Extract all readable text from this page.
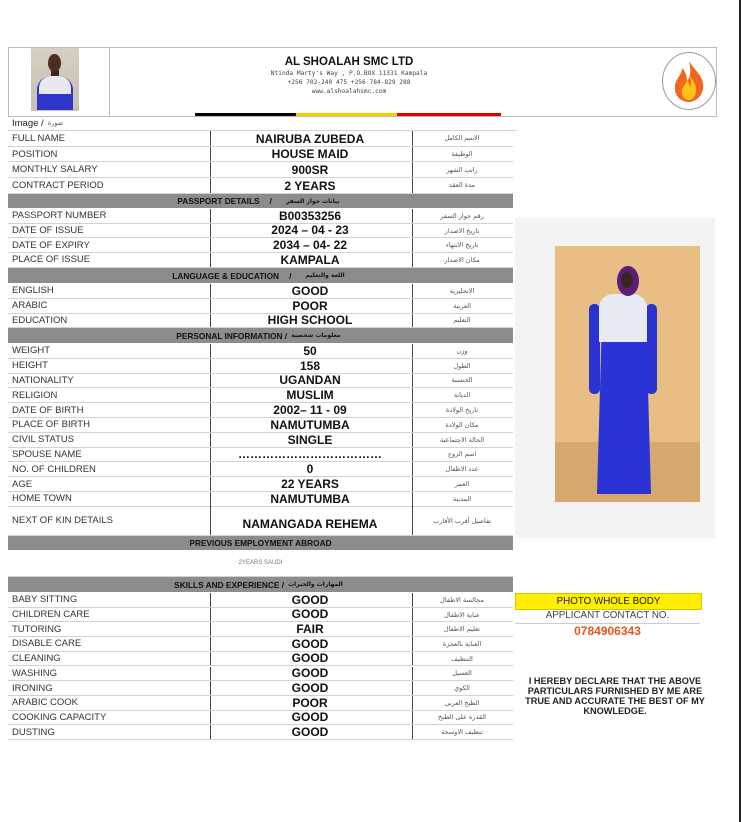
AL SHOALAH SMC LTD
Ntinda Marty's Way , P.O.BOX 11331 Kampala
+256 702-240 475 +256 784-829 288
www.alshoalahsmc.com
Image / صورة
FULL NAME	NAIRUBA ZUBEDA	الاسم الكامل
POSITION	HOUSE MAID	الوظيفة
MONTHLY SALARY	900SR	راتب الشهر
CONTRACT PERIOD	2 YEARS	مدة العقد
PASSPORT DETAILS / بيانات جواز السفر
PASSPORT NUMBER	B00353256	رقم جواز السفر
DATE OF ISSUE	2024 – 04 - 23	تاريخ الاصدار
DATE OF EXPIRY	2034 – 04- 22	تاريخ الانتهاء
PLACE OF ISSUE	KAMPALA	مكان الاصدار
LANGUAGE & EDUCATION / اللغة والتعليم
ENGLISH	GOOD	الانجليزية
ARABIC	POOR	العربية
EDUCATION	HIGH SCHOOL	التعليم
PERSONAL INFORMATION / معلومات شخصية
WEIGHT	50	وزن
HEIGHT	158	الطول
NATIONALITY	UGANDAN	الجنسية
RELIGION	MUSLIM	الديانة
DATE OF BIRTH	2002– 11 - 09	تاريخ الولادة
PLACE OF BIRTH	NAMUTUMBA	مكان الولادة
CIVIL STATUS	SINGLE	الحالة الاجتماعية
SPOUSE NAME	………………………………	اسم الزوج
NO. OF CHILDREN	0	عدد الاطفال
AGE	22 YEARS	العمر
HOME TOWN	NAMUTUMBA	المدينة
NEXT OF KIN DETAILS	NAMANGADA REHEMA	تفاصيل أقرب الأقارب
PREVIOUS EMPLOYMENT ABROAD
2YEARS SAUDI
SKILLS AND EXPERIENCE / المهارات والخبرات
BABY SITTING	GOOD	مجالسة الاطفال
CHILDREN CARE	GOOD	عناية الاطفال
TUTORING	FAIR	تعليم الاطفال
DISABLE CARE	GOOD	العناية بالعجزة
CLEANING	GOOD	التنظيف
WASHING	GOOD	الغسيل
IRONING	GOOD	الكوي
ARABIC COOK	POOR	الطبخ العربي
COOKING CAPACITY	GOOD	القدرة على الطبخ
DUSTING	GOOD	تنظيف الاوسخة
PHOTO WHOLE BODY
APPLICANT CONTACT NO.
0784906343
I HEREBY DECLARE THAT THE ABOVE PARTICULARS FURNISHED BY ME ARE TRUE AND ACCURATE THE BEST OF MY KNOWLEDGE.
